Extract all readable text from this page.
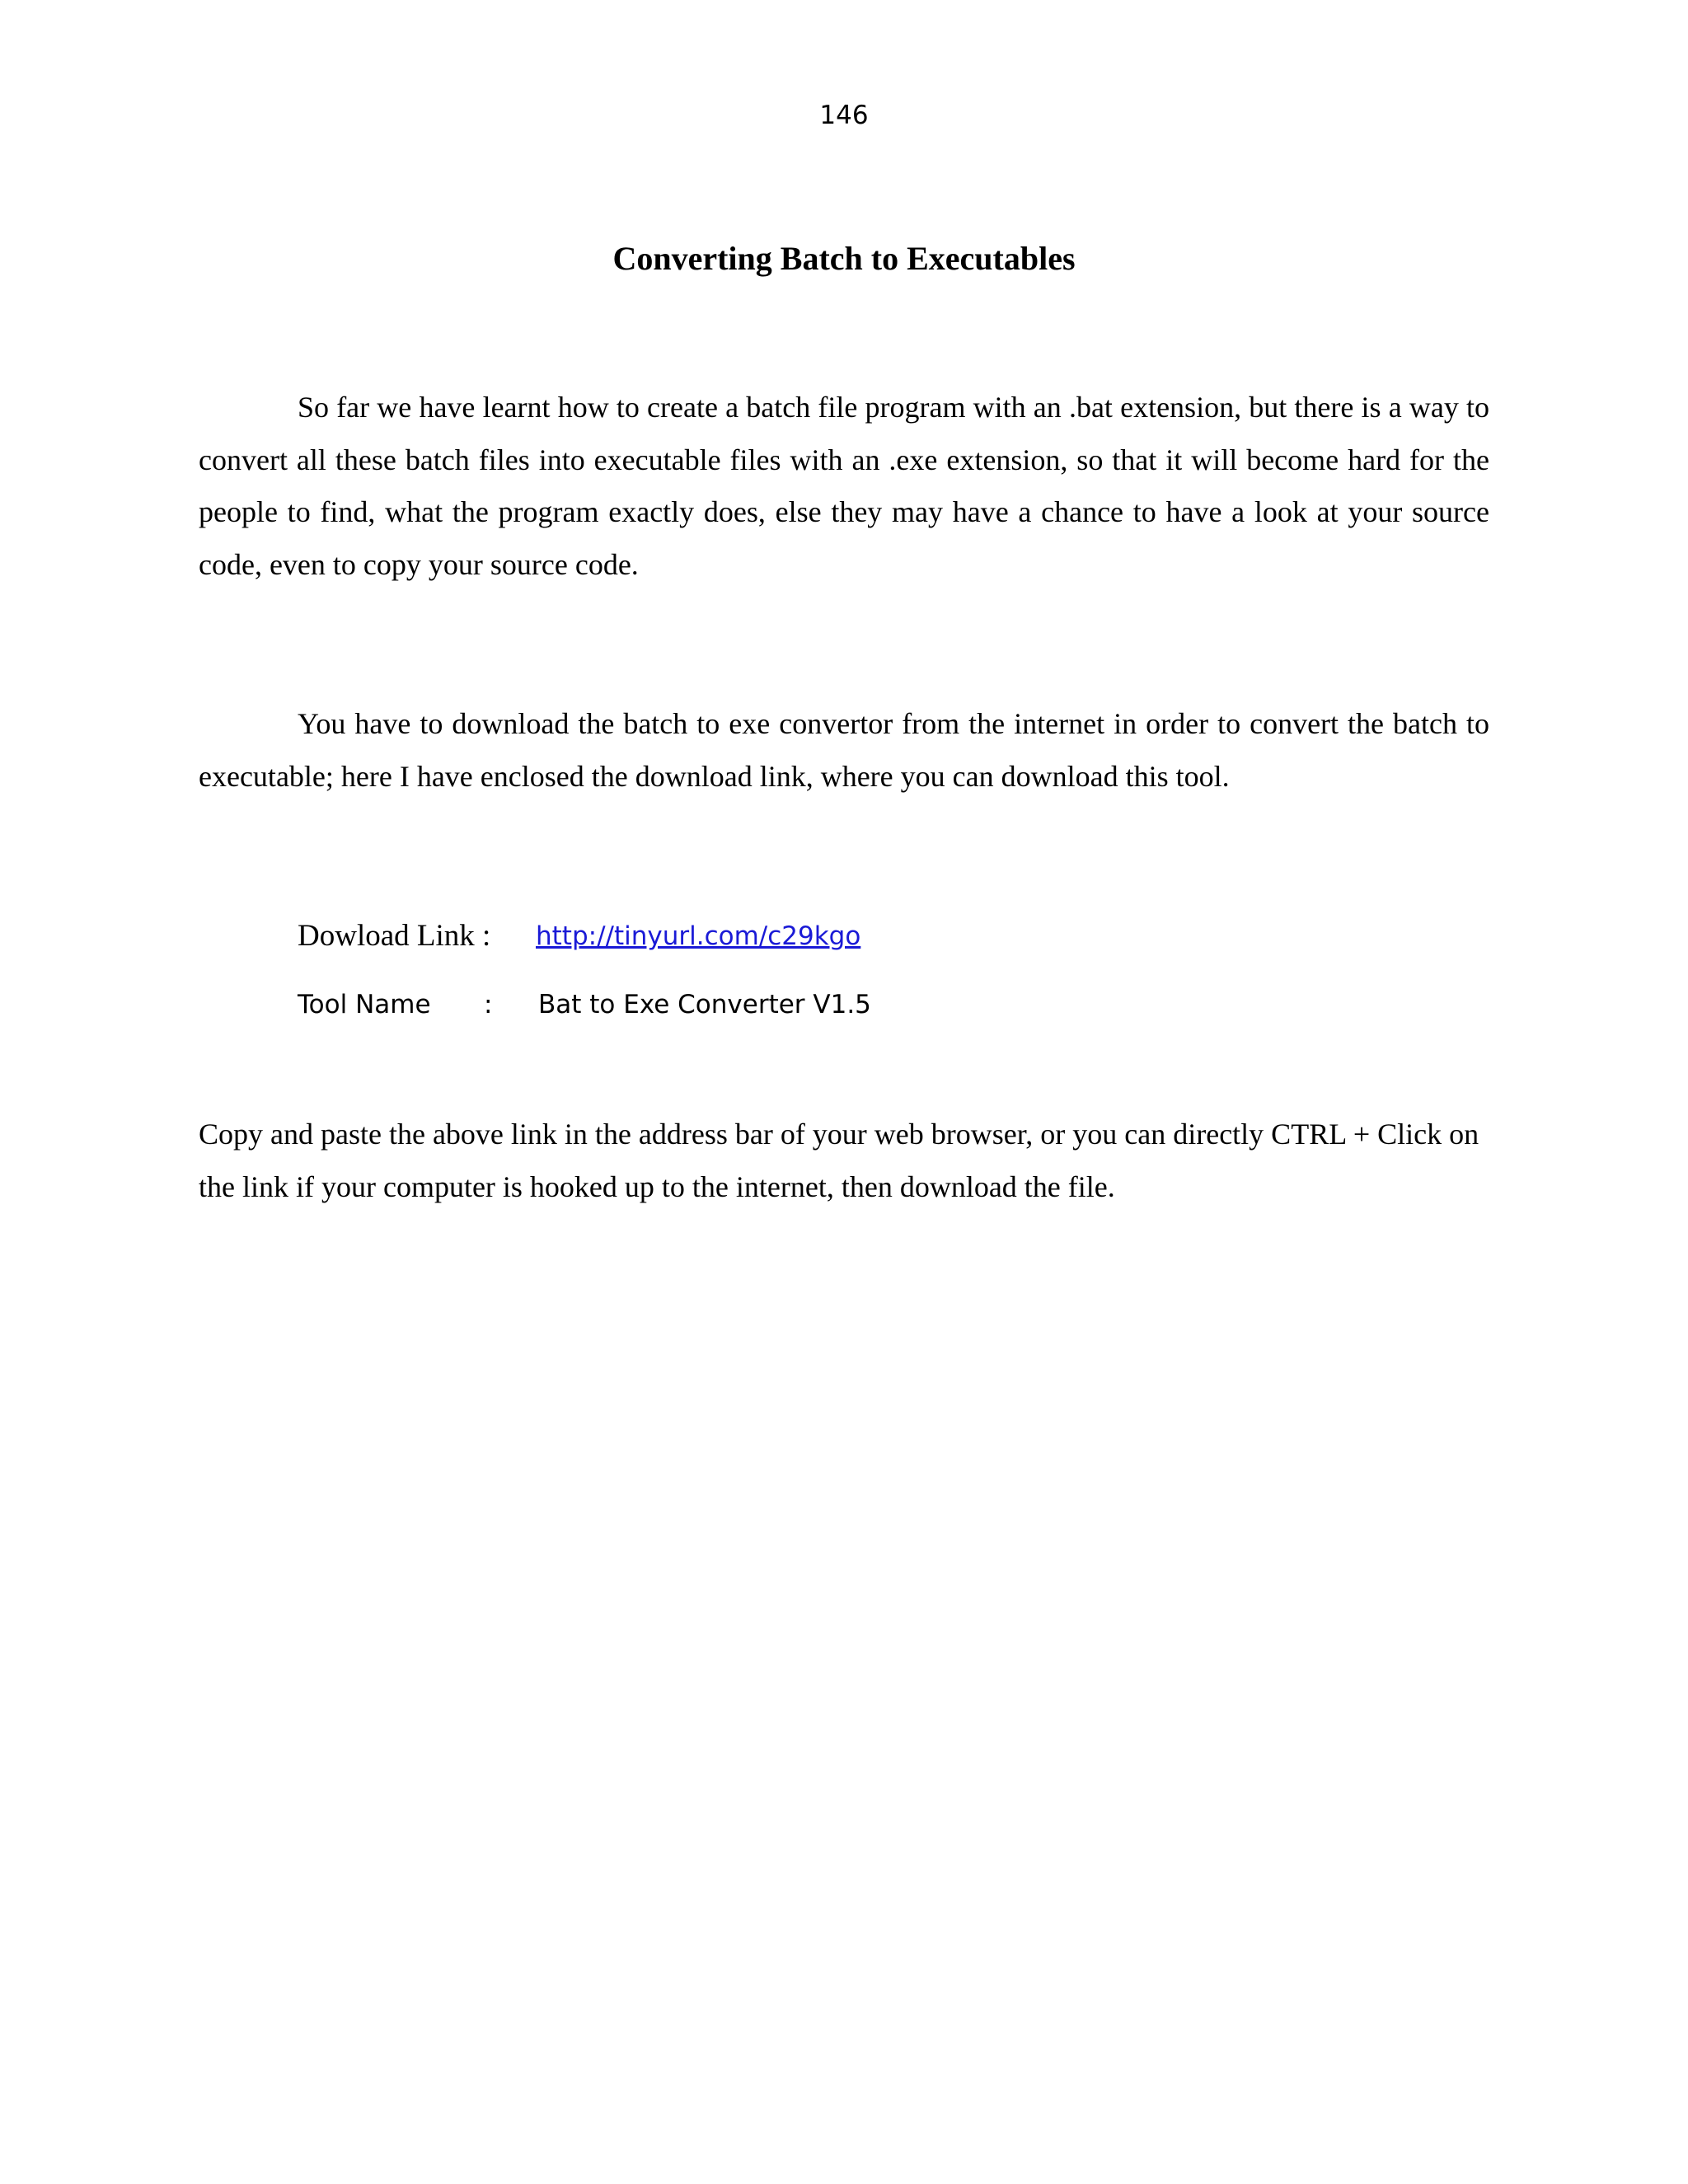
146
Converting Batch to Executables

So far we have learnt how to create a batch file program with an .bat extension, but there is a way to convert all these batch files into executable files with an .exe extension, so that it will become hard for the people to find, what the program exactly does, else they may have a chance to have a look at your source code, even to copy your source code.

You have to download the batch to exe convertor from the internet in order to convert the batch to executable; here I have enclosed the download link, where you can download this tool.

Dowload Link : http://tinyurl.com/c29kgo
Tool Name : Bat to Exe Converter V1.5

Copy and paste the above link in the address bar of your web browser, or you can directly CTRL + Click on the link if your computer is hooked up to the internet, then download the file.
